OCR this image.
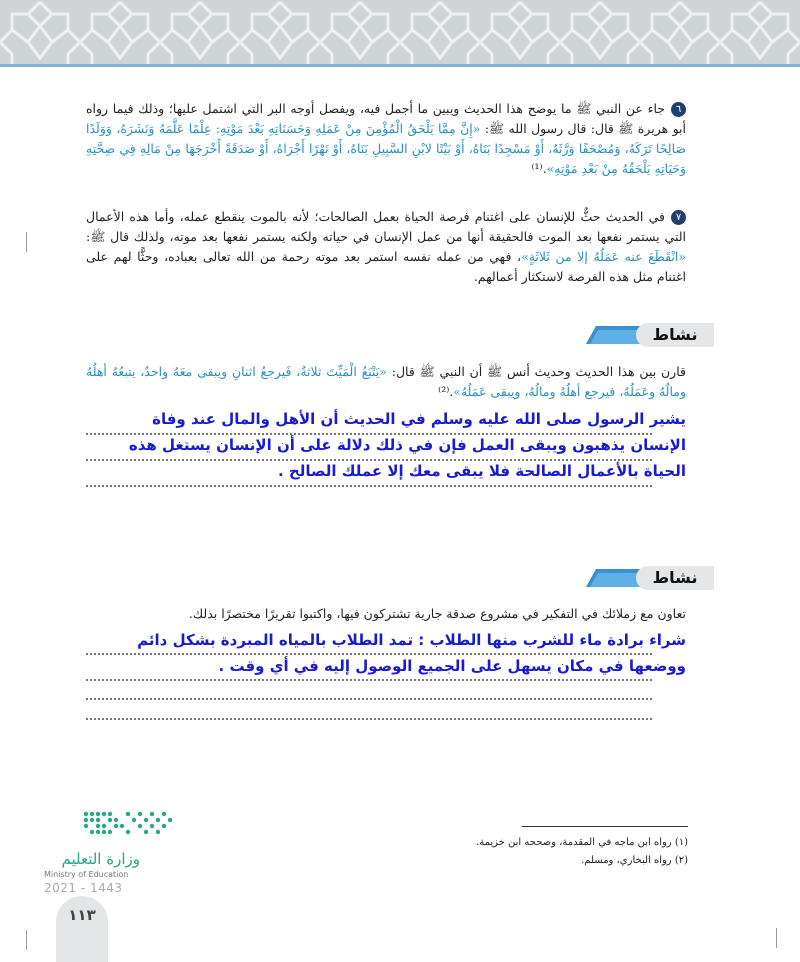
٦جاء عن النبي ﷺ ما يوضح هذا الحديث ويبين ما أجمل فيه، ويفصل أوجه البر التي اشتمل عليها؛ وذلك فيما رواه أبو هريرة ﷺ قال: قال رسول الله ﷺ: «إِنَّ مِمَّا يَلْحَقُ الْمُؤْمِنَ مِنْ عَمَلِهِ وَحَسَنَاتِهِ بَعْدَ مَوْتِهِ: عِلْمًا عَلَّمَهُ وَنَشَرَهُ، وَوَلَدًا صَالِحًا تَرَكَهُ، وَمُصْحَفًا وَرَّثَهُ، أَوْ مَسْجِدًا بَنَاهُ، أَوْ بَيْتًا لابْنِ السَّبِيلِ بَنَاهُ، أَوْ نَهْرًا أَجْرَاهُ، أَوْ صَدَقَةً أَخْرَجَهَا مِنْ مَالِهِ فِي صِحَّتِهِ وَحَيَاتِهِ يَلْحَقُهُ مِنْ بَعْدِ مَوْتِهِ».⁽¹⁾

٧في الحديث حثٌّ للإنسان على اغتنام فرصة الحياة بعمل الصالحات؛ لأنه بالموت ينقطع عمله، وأما هذه الأعمال التي يستمر نفعها بعد الموت فالحقيقة أنها من عمل الإنسان في حياته ولكنه يستمر نفعها بعد موته، ولذلك قال ﷺ: «انْقَطَعَ عنه عَمَلُهُ إلا من ثَلاثَةٍ»، فهي من عمله نفسه استمر بعد موته رحمة من الله تعالى بعباده، وحثًّا لهم على اغتنام مثل هذه الفرصة لاستكثار أعمالهم.

نشاط

قارن بين هذا الحديث وحديث أنس ﷺ أن النبي ﷺ قال: «يَتْبَعُ الْمَيِّتَ ثلاثةٌ، فَيرجعُ اثنانِ ويبقى معَهُ واحدٌ، يتبعُهُ أهلُهُ ومالُهُ وعَمَلُهُ، فيرجع أهلُهُ ومالُهُ، ويبقى عَمَلُهُ».⁽²⁾

يشير الرسول صلى الله عليه وسلم في الحديث أن الأهل والمال عند وفاة
الإنسان يذهبون ويبقى العمل فإن في ذلك دلالة على أن الإنسان يستغل هذه
الحياة بالأعمال الصالحة فلا يبقى معك إلا عملك الصالح .
نشاط

تعاون مع زملائك في التفكير في مشروع صدقة جارية تشتركون فيها، واكتبوا تقريرًا مختصرًا بذلك.

شراء برادة ماء للشرب منها الطلاب : تمد الطلاب بالمياه المبردة بشكل دائم
ووضعها في مكان يسهل على الجميع الوصول إليه في أي وقت .

(١) رواه ابن ماجه في المقدمة، وصححه ابن خزيمة.

(٢) رواه البخاري، ومسلم.

وزارة التعليم
Ministry of Education
2021 - 1443
١١٣
